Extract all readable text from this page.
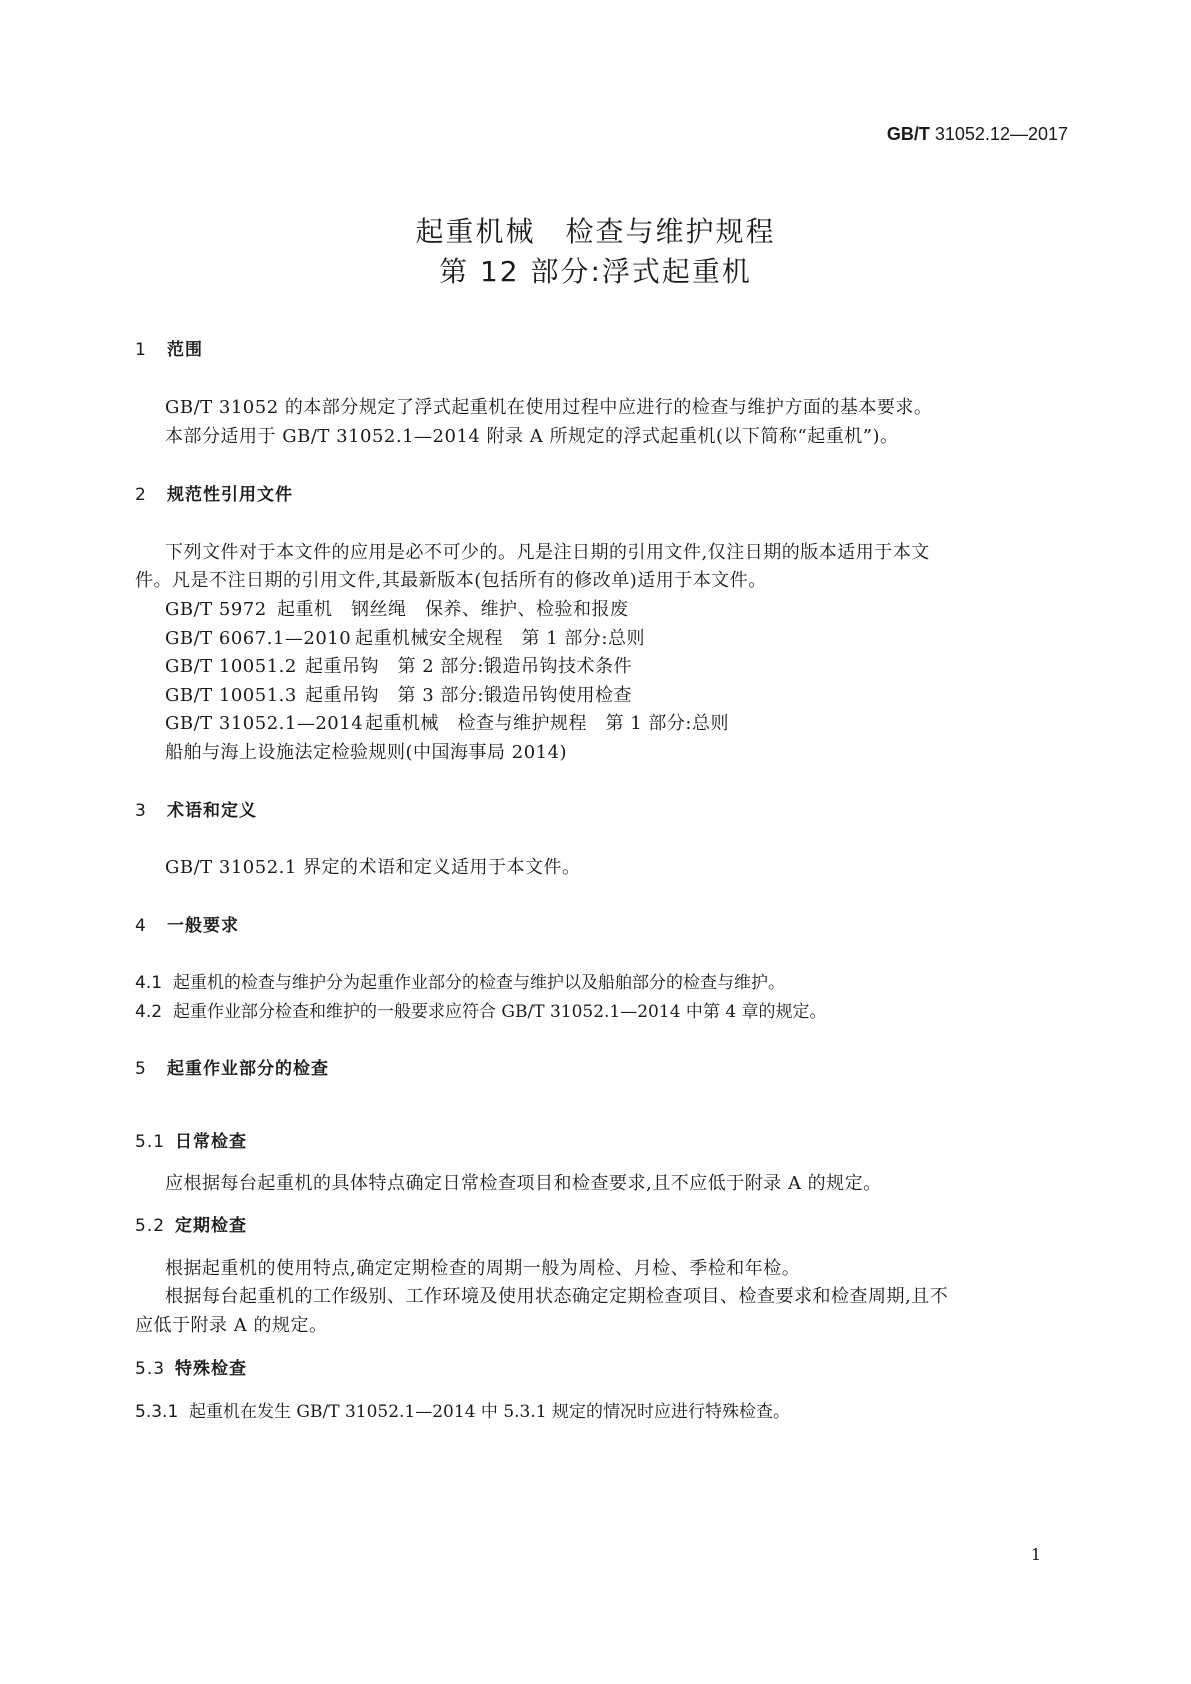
GB/T 31052.12—2017
起重机械　检查与维护规程
第 12 部分:浮式起重机
1 范围
GB/T 31052 的本部分规定了浮式起重机在使用过程中应进行的检查与维护方面的基本要求。
本部分适用于 GB/T 31052.1—2014 附录 A 所规定的浮式起重机(以下简称“起重机”)。
2 规范性引用文件
下列文件对于本文件的应用是必不可少的。凡是注日期的引用文件,仅注日期的版本适用于本文
件。凡是不注日期的引用文件,其最新版本(包括所有的修改单)适用于本文件。
GB/T 5972 起重机　钢丝绳　保养、维护、检验和报废
GB/T 6067.1—2010 起重机械安全规程　第 1 部分:总则
GB/T 10051.2 起重吊钩　第 2 部分:锻造吊钩技术条件
GB/T 10051.3 起重吊钩　第 3 部分:锻造吊钩使用检查
GB/T 31052.1—2014 起重机械　检查与维护规程　第 1 部分:总则
船舶与海上设施法定检验规则(中国海事局 2014)
3 术语和定义
GB/T 31052.1 界定的术语和定义适用于本文件。
4 一般要求
4.1 起重机的检查与维护分为起重作业部分的检查与维护以及船舶部分的检查与维护。
4.2 起重作业部分检查和维护的一般要求应符合 GB/T 31052.1—2014 中第 4 章的规定。
5 起重作业部分的检查
5.1 日常检查
应根据每台起重机的具体特点确定日常检查项目和检查要求,且不应低于附录 A 的规定。
5.2 定期检查
根据起重机的使用特点,确定定期检查的周期一般为周检、月检、季检和年检。
根据每台起重机的工作级别、工作环境及使用状态确定定期检查项目、检查要求和检查周期,且不
应低于附录 A 的规定。
5.3 特殊检查
5.3.1 起重机在发生 GB/T 31052.1—2014 中 5.3.1 规定的情况时应进行特殊检查。
1
